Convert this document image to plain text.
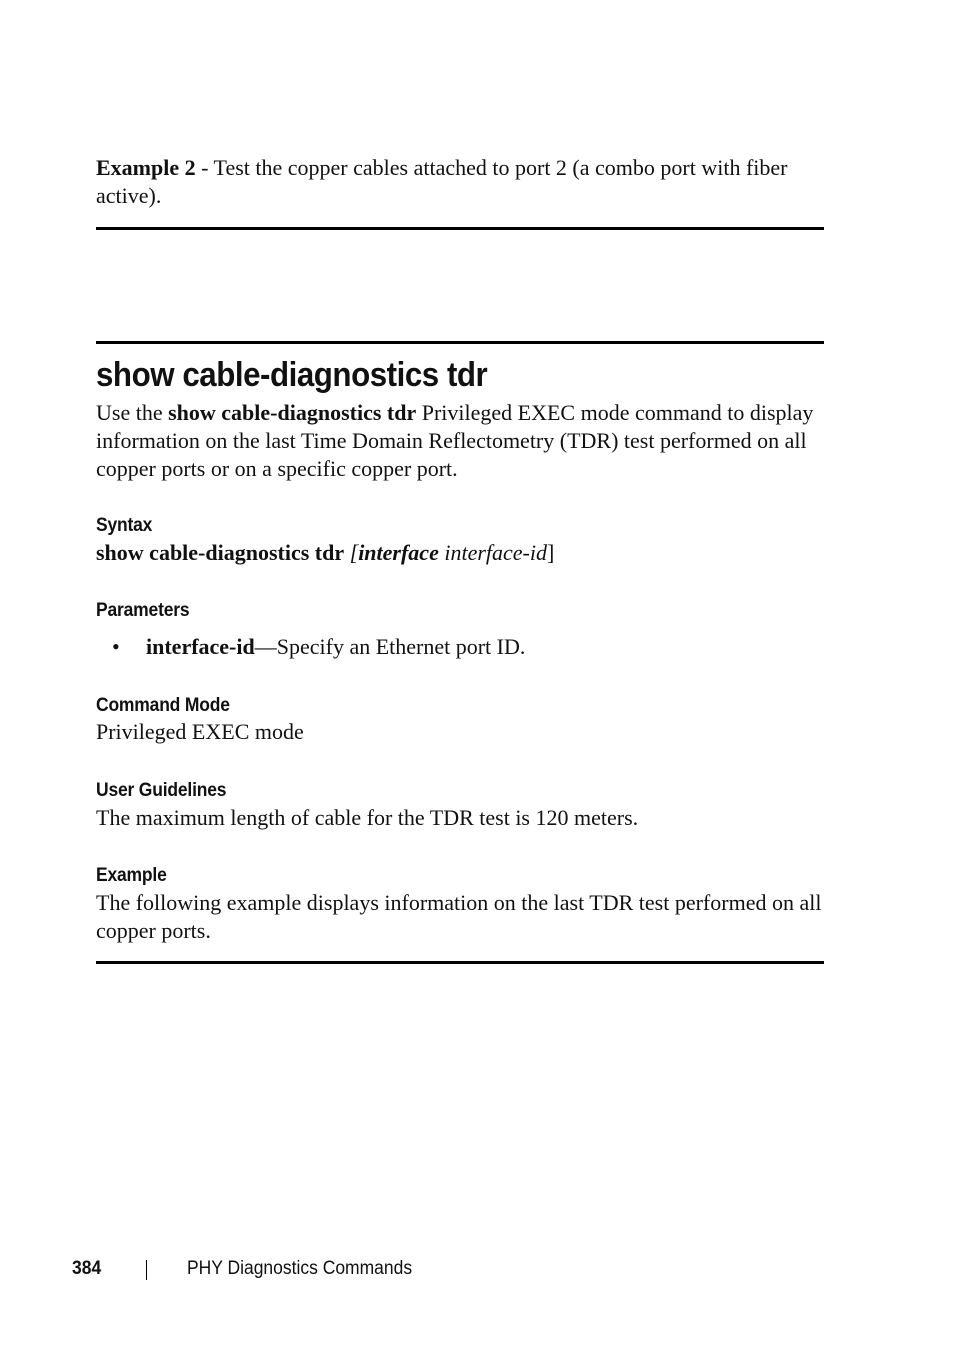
Example 2 - Test the copper cables attached to port 2 (a combo port with fiber active).
show cable-diagnostics tdr
Use the show cable-diagnostics tdr Privileged EXEC mode command to display information on the last Time Domain Reflectometry (TDR) test performed on all copper ports or on a specific copper port.
Syntax
show cable-diagnostics tdr [interface interface-id]
Parameters
• interface-id—Specify an Ethernet port ID.
Command Mode
Privileged EXEC mode
User Guidelines
The maximum length of cable for the TDR test is 120 meters.
Example
The following example displays information on the last TDR test performed on all copper ports.
384	PHY Diagnostics Commands
